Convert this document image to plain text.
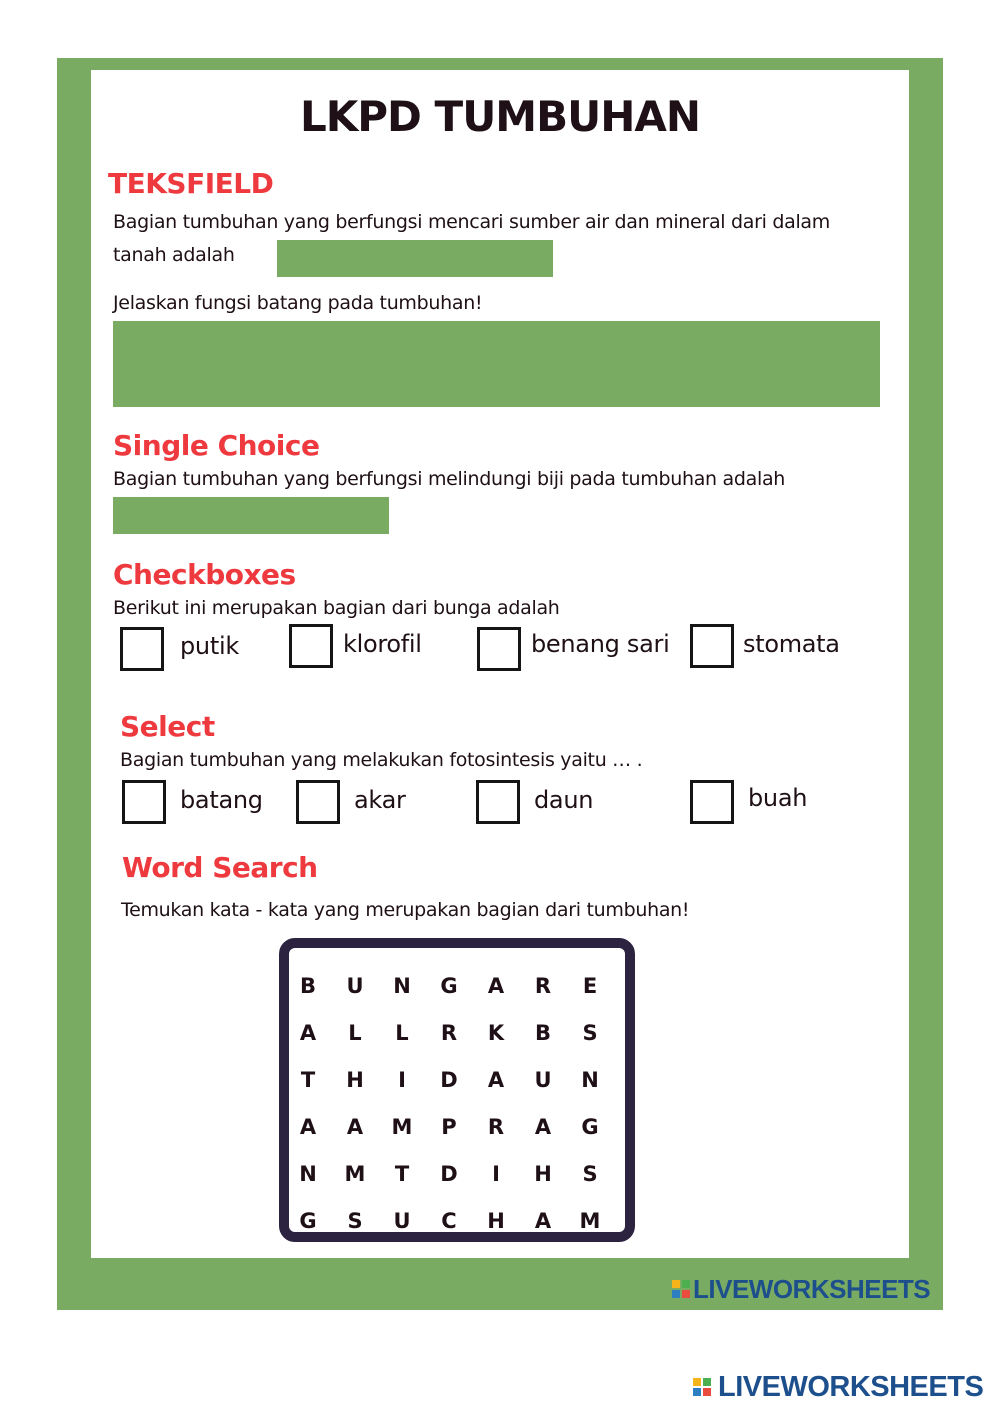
LKPD TUMBUHAN
TEKSFIELD
Bagian tumbuhan yang berfungsi mencari sumber air dan mineral dari dalam
tanah adalah
Jelaskan fungsi batang pada tumbuhan!
Single Choice
Bagian tumbuhan yang berfungsi melindungi biji pada tumbuhan adalah
Checkboxes
Berikut ini merupakan bagian dari bunga adalah
putik	klorofil	benang sari	stomata
Select
Bagian tumbuhan yang melakukan fotosintesis yaitu … .
batang	akar	daun	buah
Word Search
Temukan kata - kata yang merupakan bagian dari tumbuhan!
B	U	N	G	A	R	E
A	L	L	R	K	B	S
T	H	I	D	A	U	N
A	A	M	P	R	A	G
N	M	T	D	I	H	S
G	S	U	C	H	A	M
LIVEWORKSHEETS
LIVEWORKSHEETS
